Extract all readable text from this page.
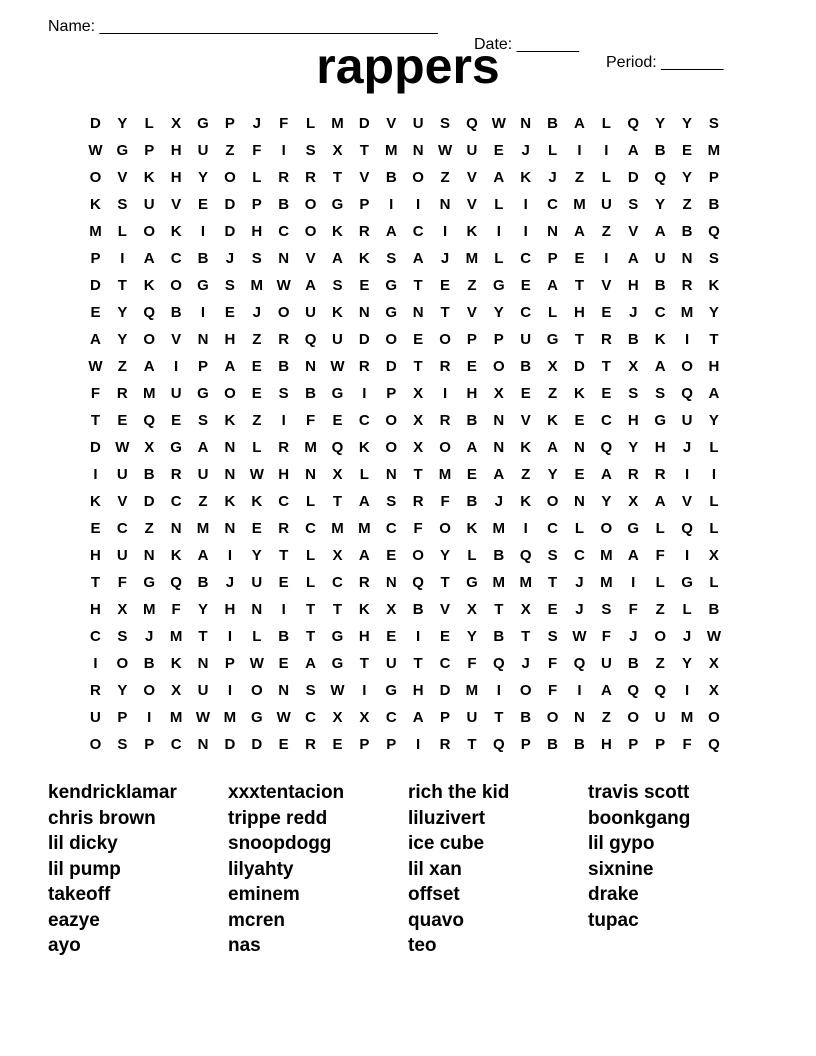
Name: ______________________________________

Date: _______

Period: _______

rappers
D	Y	L	X	G	P	J	F	L	M	D	V	U	S	Q W N	B	A	L	Q	Y	Y	S
W G	P	H	U	Z	F	I	S	X	T	M	N W U	E	J	L	I	I	A	B	E	M
O	V	K	H	Y	O	L	R	R	T	V	B	O	Z	V	A	K	J	Z	L	D	Q	Y	P
K	S	U	V	E	D	P	B	O	G	P	I	I	N	V	L	I	C	M	U	S	Y	Z	B
M	L	O	K	I	D	H	C	O	K	R	A	C	I	K	I	I	N	A	Z	V	A	B	Q
P	I	A	C	B	J	S	N	V	A	K	S	A	J	M	L	C	P	E	I	A	U	N	S
D	T	K	O	G	S	M W A	S	E	G	T	E	Z	G	E	A	T	V	H	B	R	K
E	Y	Q	B	I	E	J	O	U	K	N	G	N	T	V	Y	C	L	H	E	J	C	M	Y
A	Y	O	V	N	H	Z	R	Q	U	D	O	E	O	P	P	U	G	T	R	B	K	I	T
W	Z	A	I	P	A	E	B	N W R	D	T	R	E	O	B	X	D	T	X	A	O	H
F	R	M	U	G	O	E	S	B	G	I	P	X	I	H	X	E	Z	K	E	S	S	Q	A
T	E	Q	E	S	K	Z	I	F	E	C	O	X	R	B	N	V	K	E	C	H	G	U	Y
D W X	G	A	N	L	R	M Q	K	O	X	O	A	N	K	A	N	Q	Y	H	J	L
I	U	B	R	U	N W H	N	X	L	N	T	M	E	A	Z	Y	E	A	R	R	I	I
K	V	D	C	Z	K	K	C	L	T	A	S	R	F	B	J	K	O	N	Y	X	A	V	L
E	C	Z	N	M	N	E	R	C	M M	C	F	O	K	M	I	C	L	O	G	L	Q	L
H	U	N	K	A	I	Y	T	L	X	A	E	O	Y	L	B	Q	S	C	M	A	F	I	X
T	F	G	Q	B	J	U	E	L	C	R	N	Q	T	G M M	T	J	M	I	L	G	L
H	X	M	F	Y	H	N	I	T	T	K	X	B	V	X	T	X	E	J	S	F	Z	L	B
C	S	J	M	T	I	L	B	T	G	H	E	I	E	Y	B	T	S W	F	J	O	J	W
I	O	B	K	N	P W E	A	G	T	U	T	C	F	Q	J	F	Q	U	B	Z	Y	X
R	Y	O	X	U	I	O	N	S W	I	G	H	D	M	I	O	F	I	A	Q	Q	I	X
U	P	I	M W M G W C	X	X	C	A	P	U	T	B	O	N	Z	O	U	M O
O	S	P	C	N	D	D	E	R	E	P	P	I	R	T	Q	P	B	B	H	P	P	F	Q
kendricklamar	xxxtentacion	rich the kid	travis scott
chris brown	trippe redd	liluzivert	boonkgang
lil dicky	snoopdogg	ice cube	lil gypo
lil pump	lilyahty	lil xan	sixnine
takeoff	eminem	offset	drake
eazye	mcren	quavo	tupac
ayo	nas	teo
